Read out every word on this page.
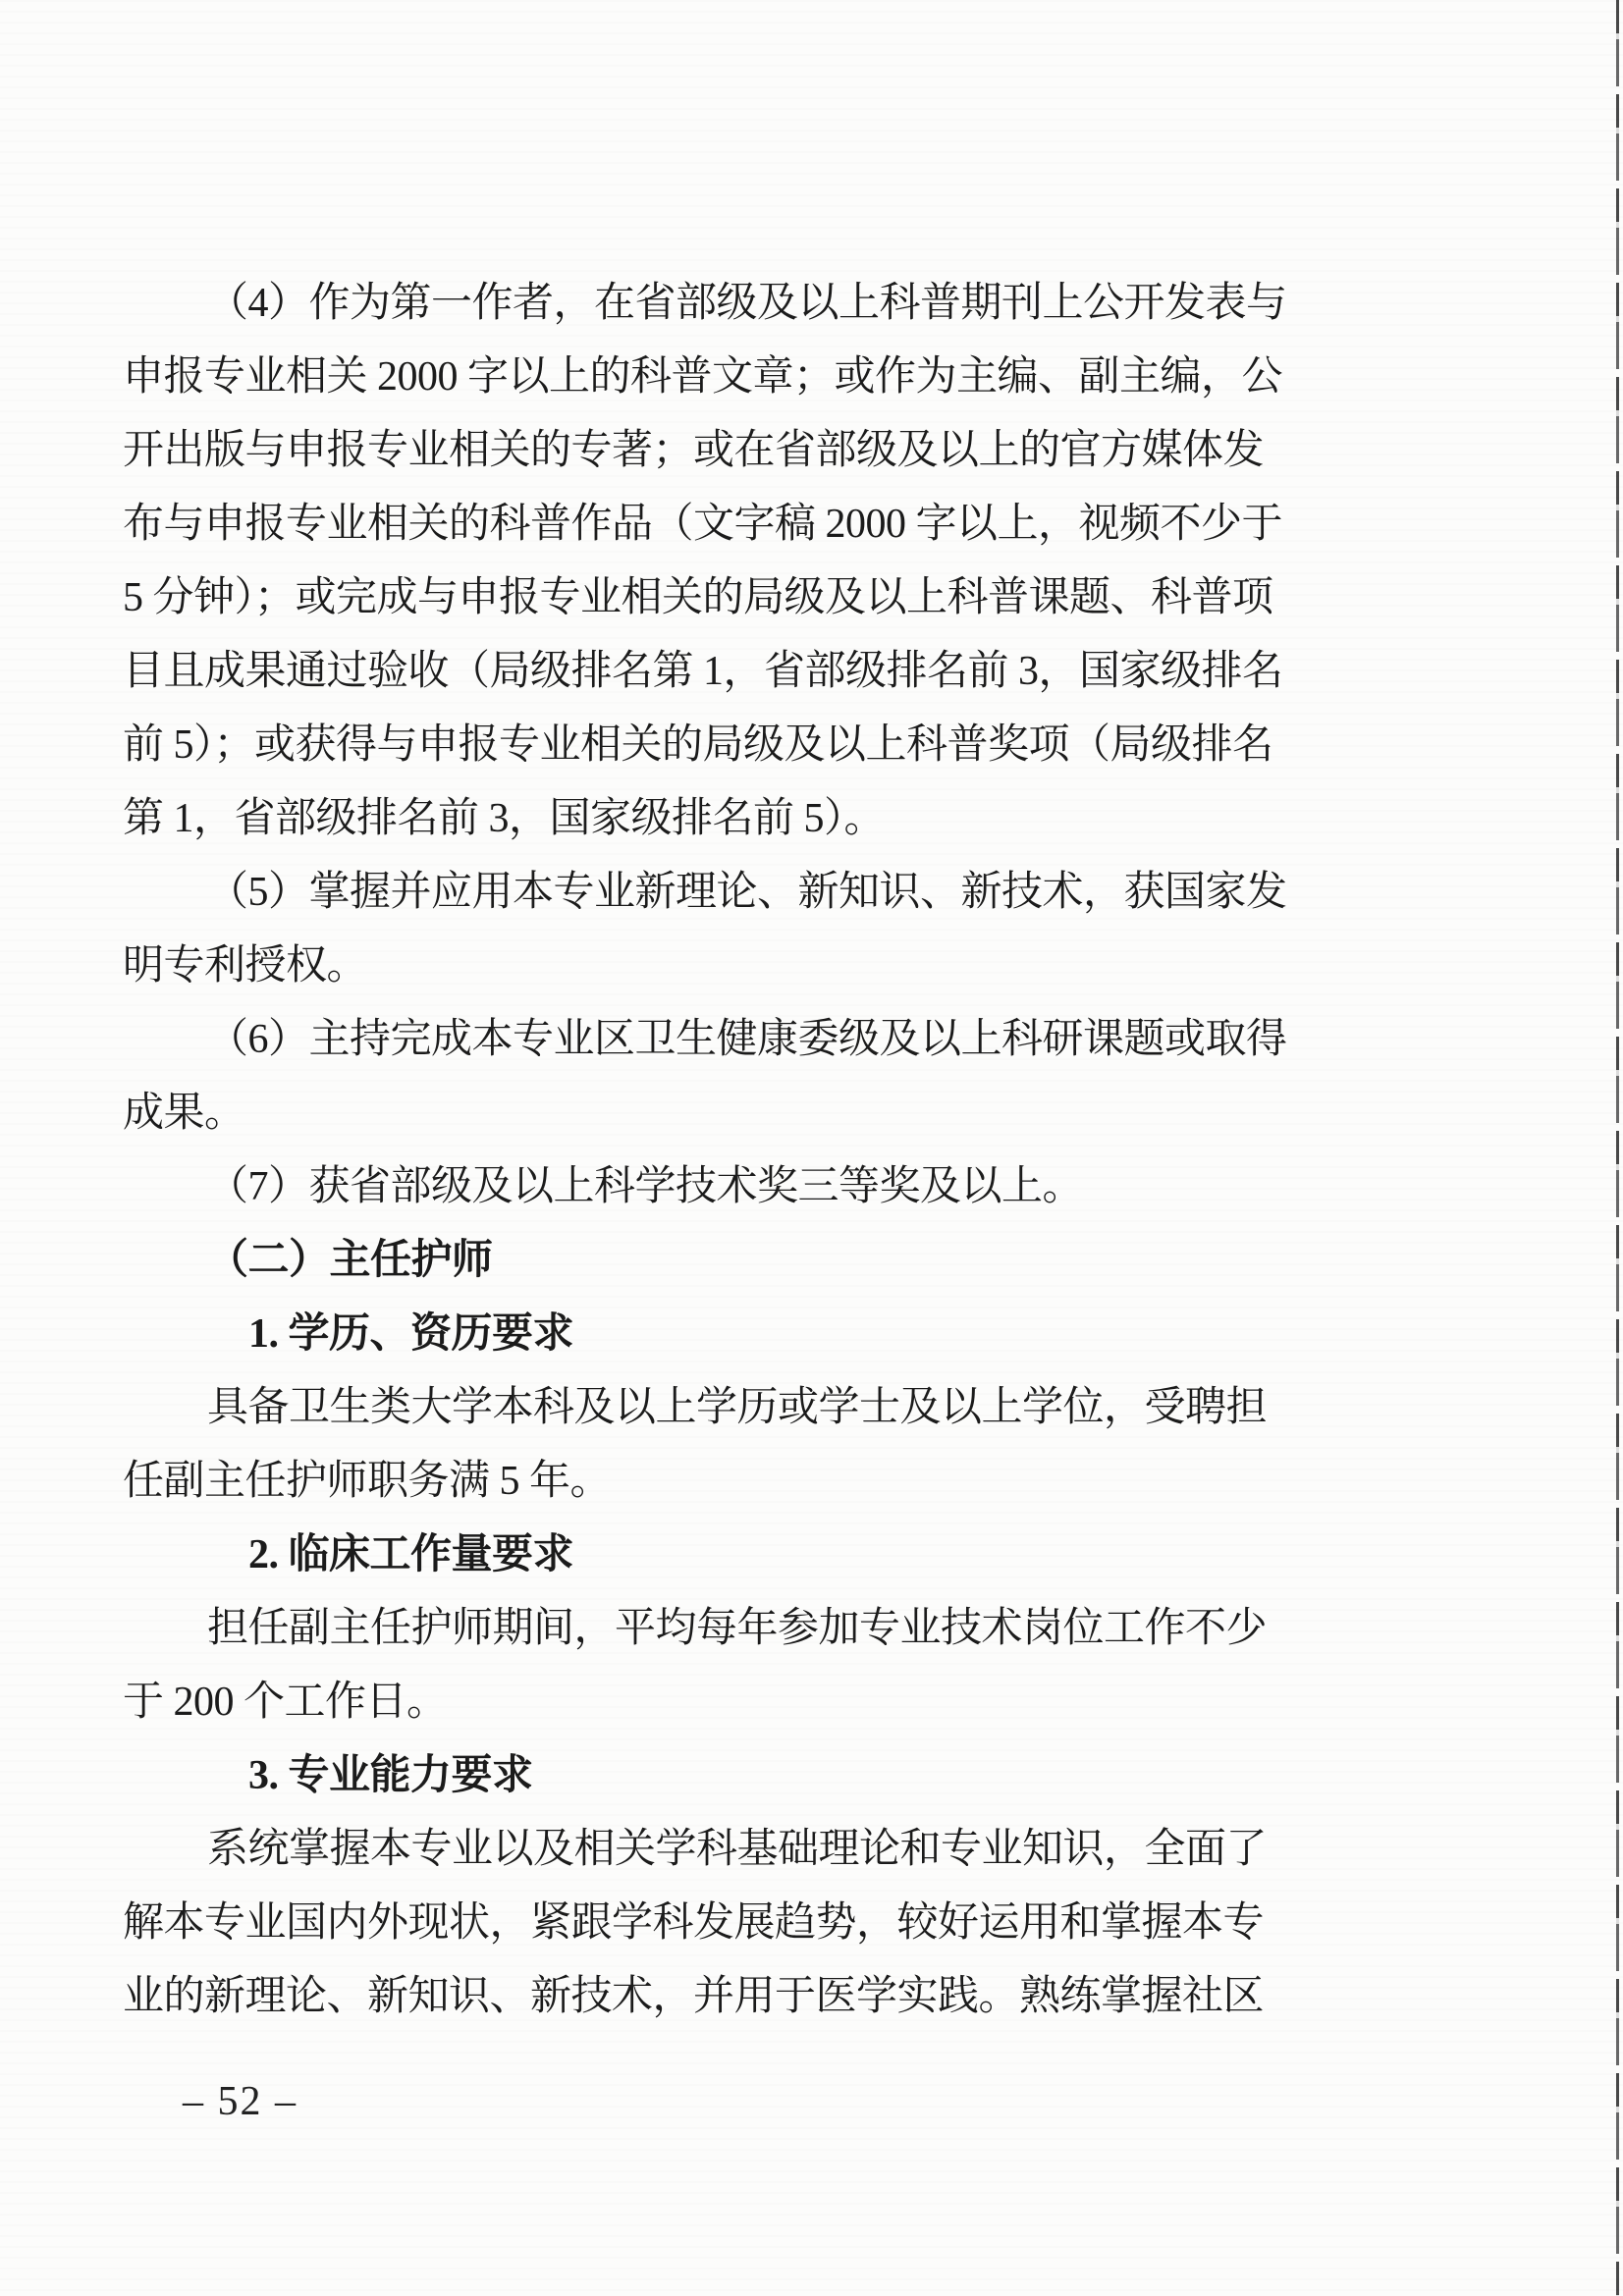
（4）作为第一作者，在省部级及以上科普期刊上公开发表与

申报专业相关 2000 字以上的科普文章；或作为主编、副主编，公

开出版与申报专业相关的专著；或在省部级及以上的官方媒体发

布与申报专业相关的科普作品（文字稿 2000 字以上，视频不少于

5 分钟）；或完成与申报专业相关的局级及以上科普课题、科普项

目且成果通过验收（局级排名第 1，省部级排名前 3，国家级排名

前 5）；或获得与申报专业相关的局级及以上科普奖项（局级排名

第 1，省部级排名前 3，国家级排名前 5）。

（5）掌握并应用本专业新理论、新知识、新技术，获国家发

明专利授权。

（6）主持完成本专业区卫生健康委级及以上科研课题或取得

成果。

（7）获省部级及以上科学技术奖三等奖及以上。

（二）主任护师

1. 学历、资历要求

具备卫生类大学本科及以上学历或学士及以上学位，受聘担

任副主任护师职务满 5 年。

2. 临床工作量要求

担任副主任护师期间，平均每年参加专业技术岗位工作不少

于 200 个工作日。

3. 专业能力要求

系统掌握本专业以及相关学科基础理论和专业知识，全面了

解本专业国内外现状，紧跟学科发展趋势，较好运用和掌握本专

业的新理论、新知识、新技术，并用于医学实践。熟练掌握社区

– 52 –
